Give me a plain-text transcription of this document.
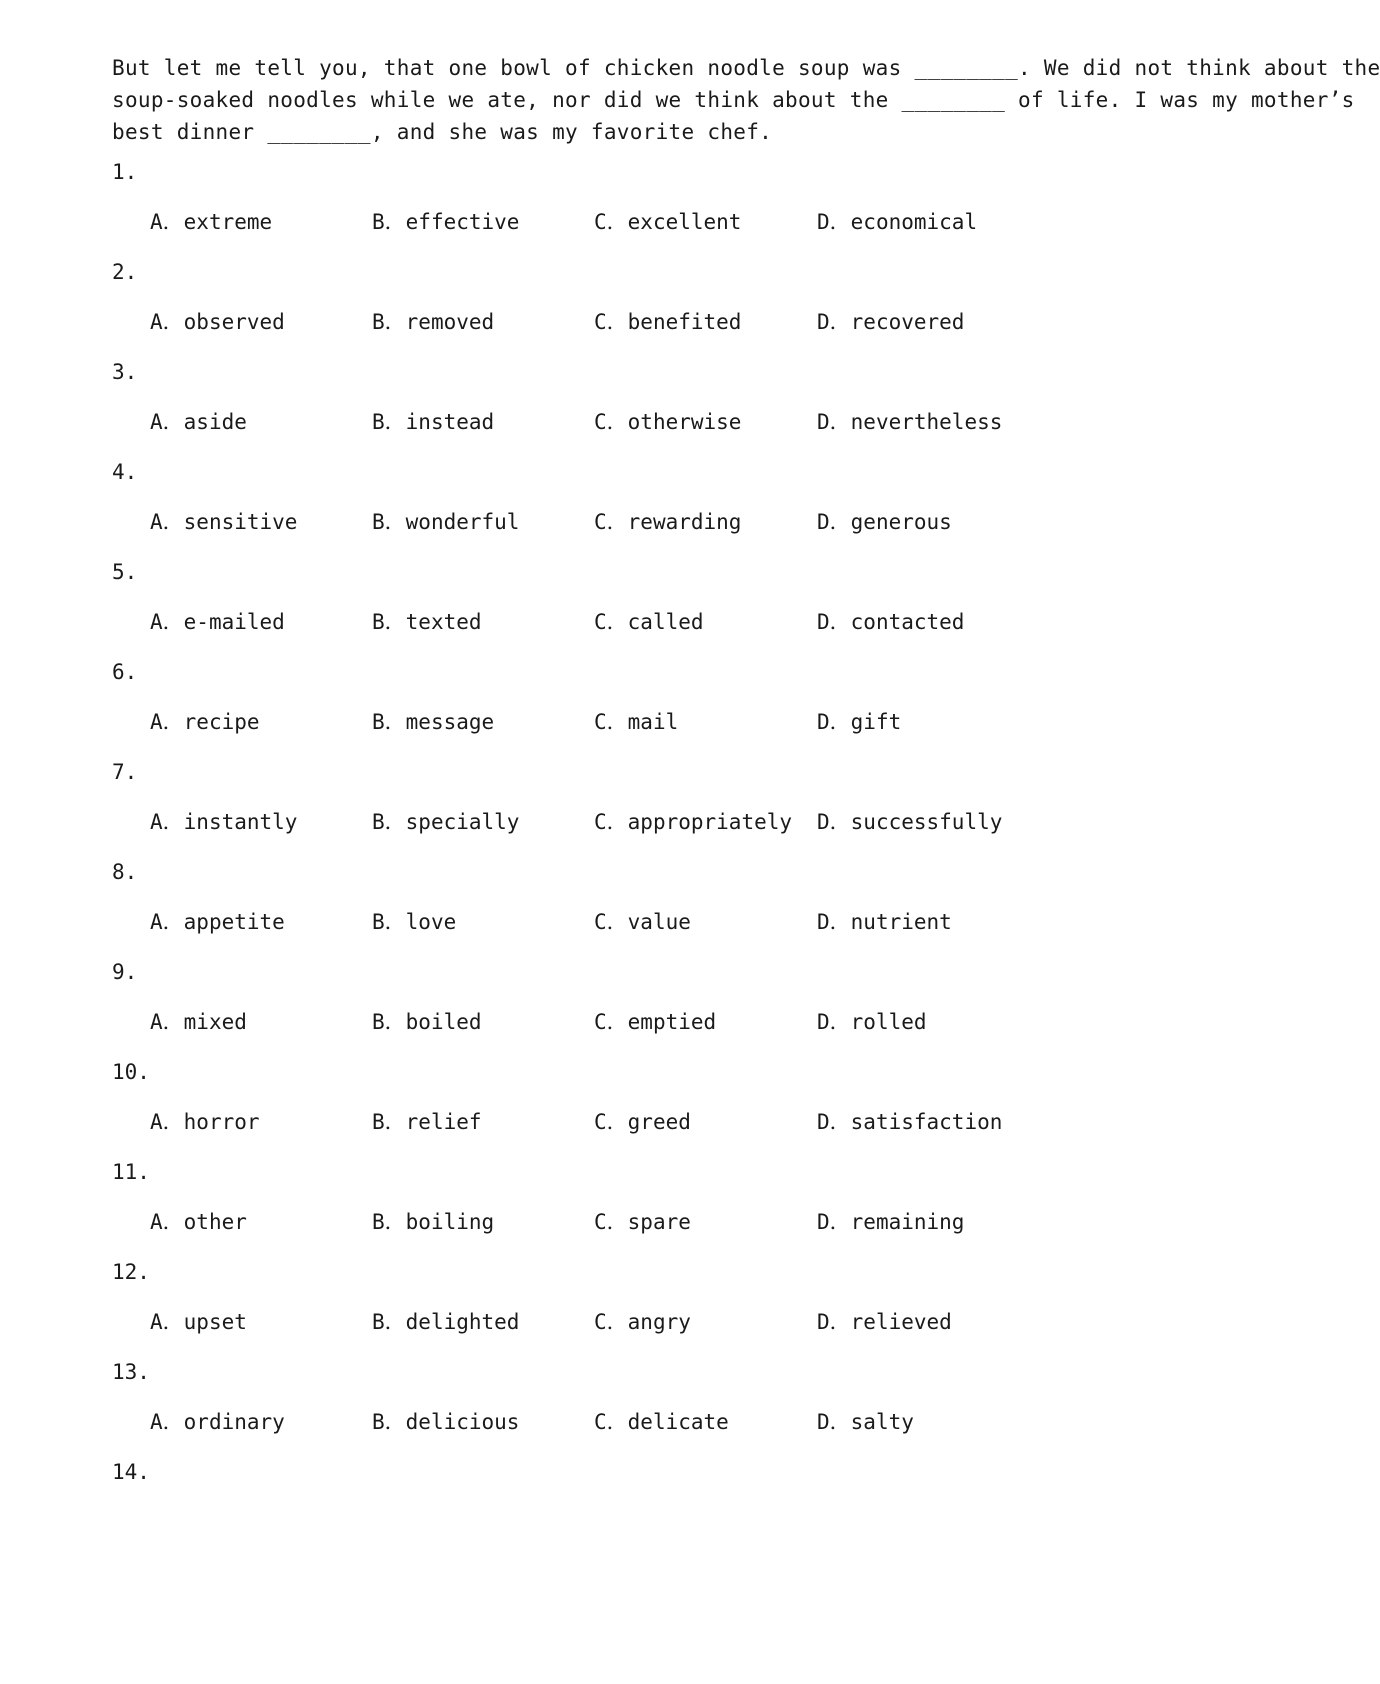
But let me tell you, that one bowl of chicken noodle soup was ________. We did not think about the
soup-soaked noodles while we ate, nor did we think about the ________ of life. I was my mother’s
best dinner ________, and she was my favorite chef.
1.
A．extreme	B．effective	C．excellent	D．economical
2.
A．observed	B．removed	C．benefited	D．recovered
3.
A．aside	B．instead	C．otherwise	D．nevertheless
4.
A．sensitive	B．wonderful	C．rewarding	D．generous
5.
A．e-mailed	B．texted	C．called	D．contacted
6.
A．recipe	B．message	C．mail	D．gift
7.
A．instantly	B．specially	C．appropriately D．successfully
8.
A．appetite	B．love	C．value	D．nutrient
9.
A．mixed	B．boiled	C．emptied	D．rolled
10.
A．horror	B．relief	C．greed	D．satisfaction
11.
A．other	B．boiling	C．spare	D．remaining
12.
A．upset	B．delighted	C．angry	D．relieved
13.
A．ordinary	B．delicious	C．delicate	D．salty
14.
